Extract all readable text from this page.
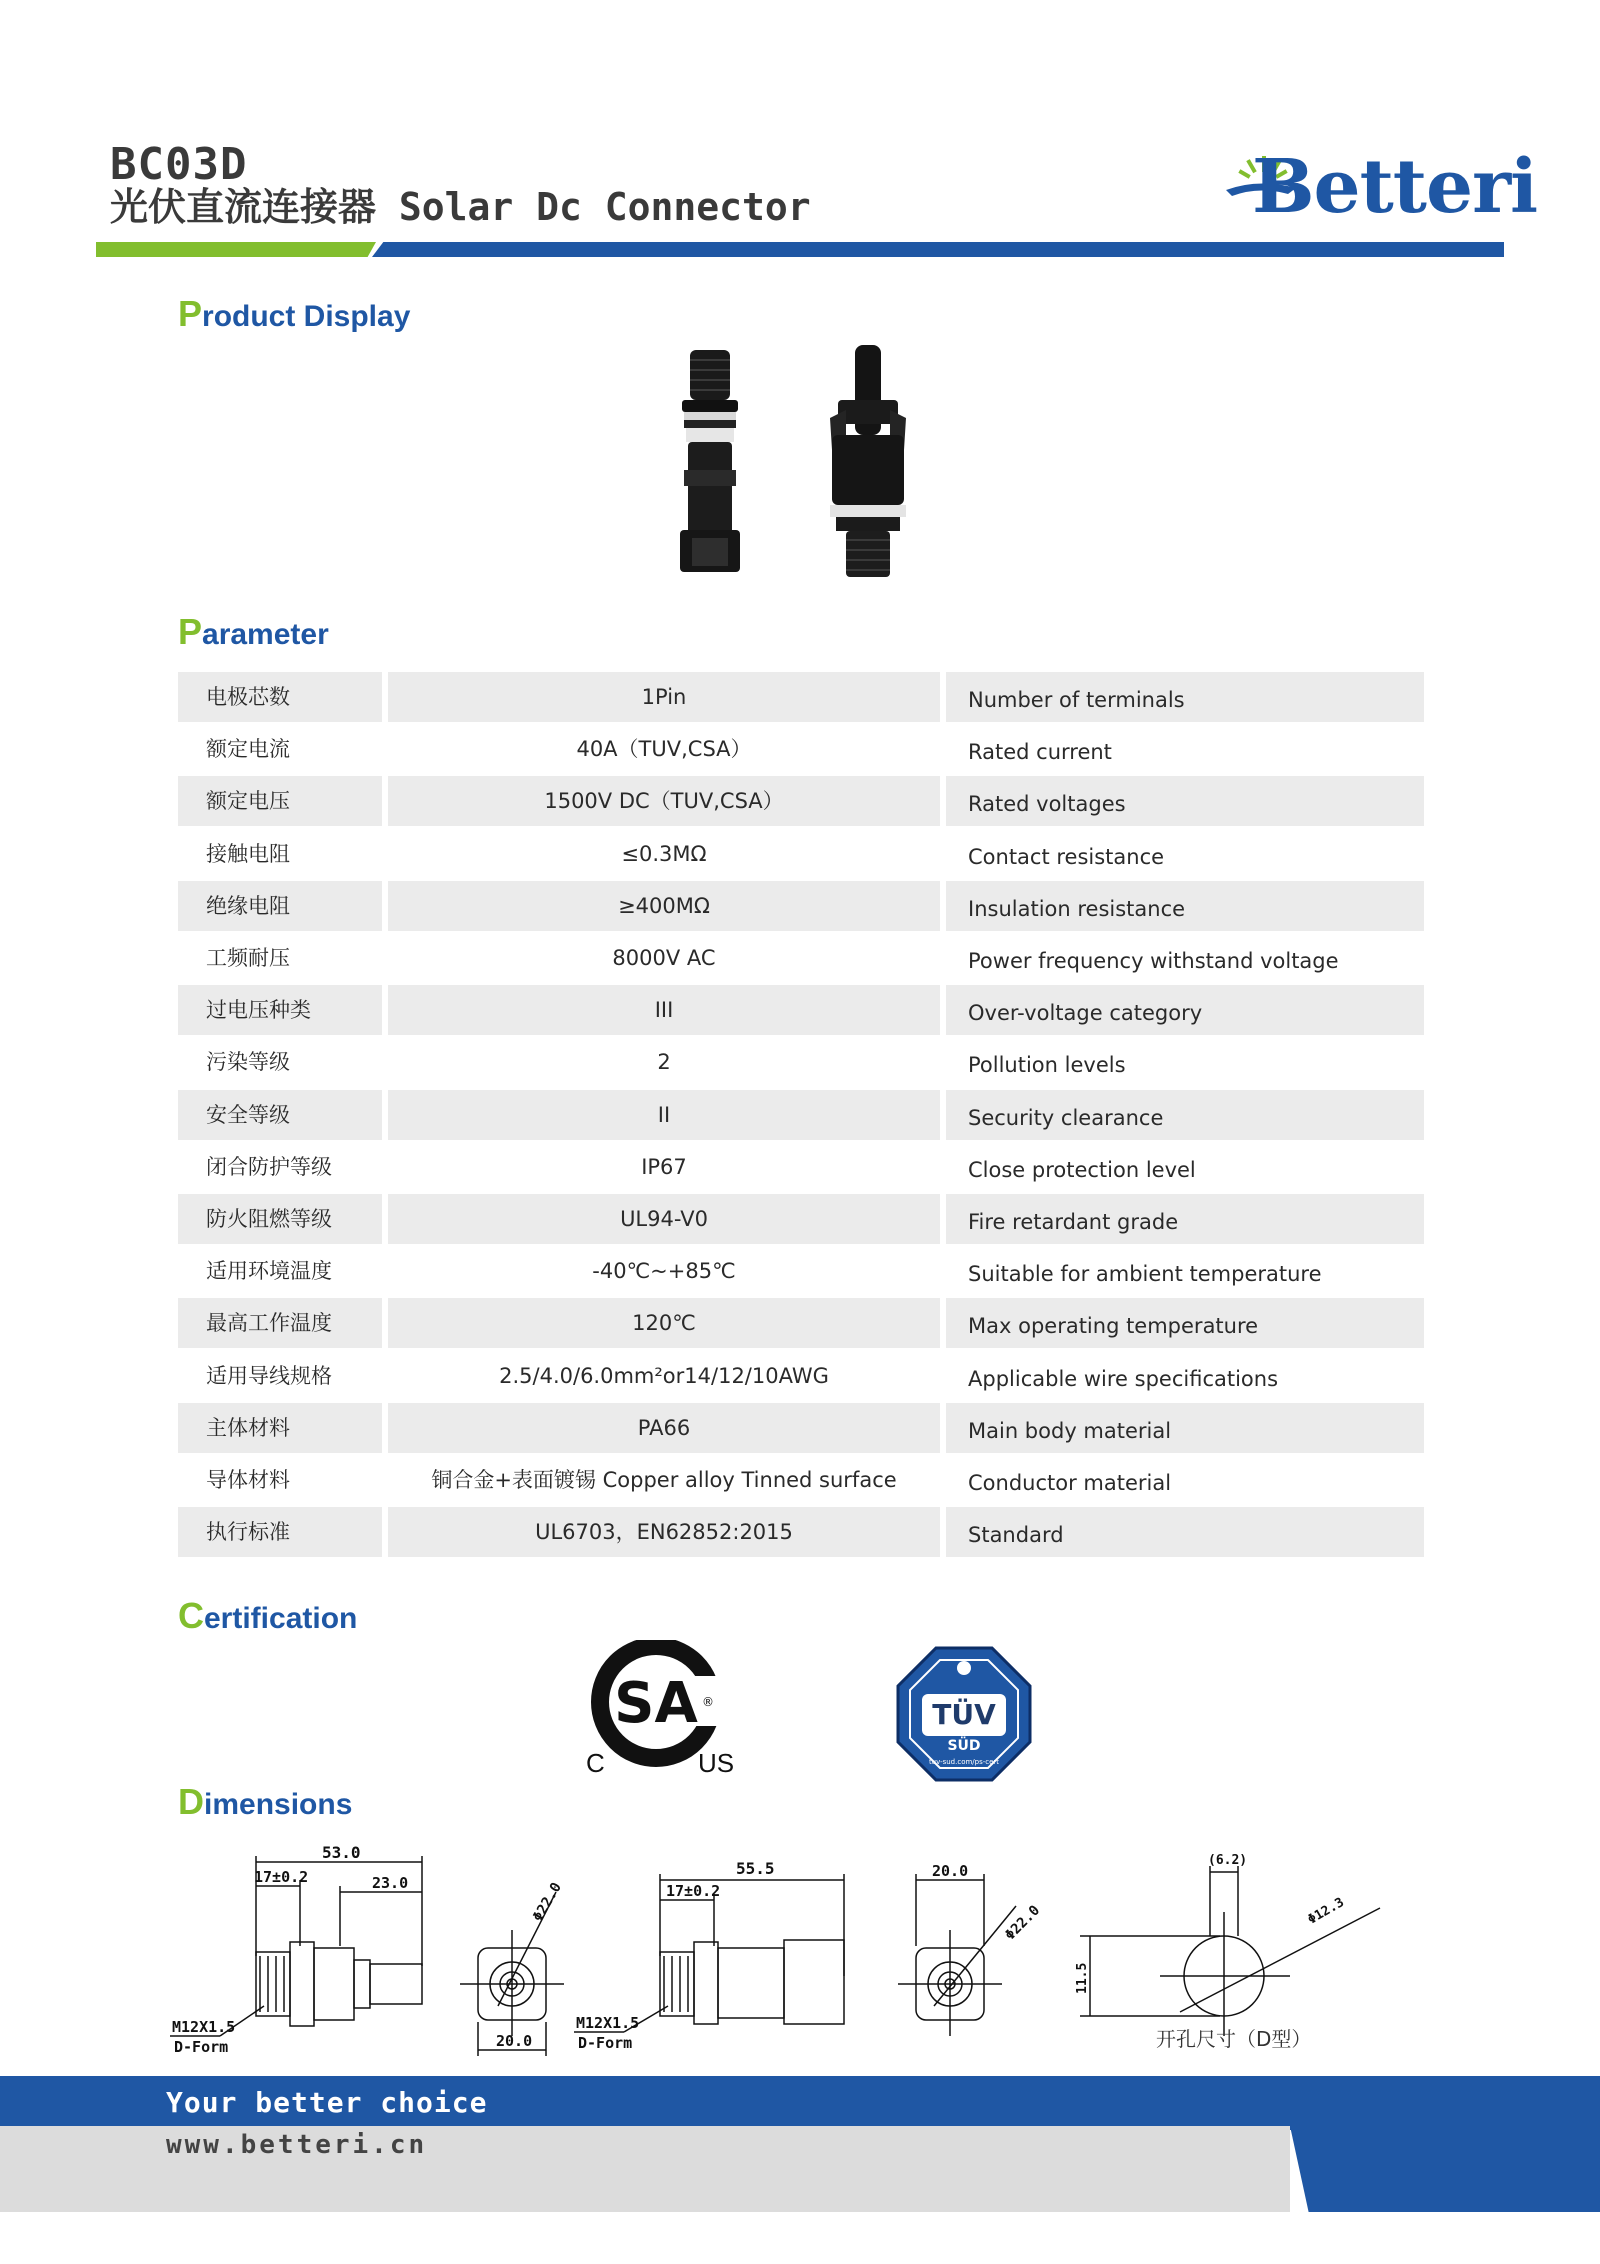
BC03D
光伏直流连接器 Solar Dc Connector	Betteri
Product Display
Parameter
电极芯数	1Pin	Number of terminals
额定电流	40A（TUV,CSA）	Rated current
额定电压	1500V DC（TUV,CSA）	Rated voltages
接触电阻	≤0.3MΩ	Contact resistance
绝缘电阻	≥400MΩ	Insulation resistance
工频耐压	8000V AC	Power frequency withstand voltage
过电压种类	III	Over-voltage category
污染等级	2	Pollution levels
安全等级	II	Security clearance
闭合防护等级	IP67	Close protection level
防火阻燃等级	UL94-V0	Fire retardant grade
适用环境温度	-40℃~+85℃	Suitable for ambient temperature
最高工作温度	120℃	Max operating temperature
适用导线规格	2.5/4.0/6.0mm²or14/12/10AWG	Applicable wire specifications
主体材料	PA66	Main body material
导体材料	铜合金+表面镀锡 Copper alloy Tinned surface	Conductor material
执行标准	UL6703，EN62852:2015	Standard
Certification
SA ®
C	US
TÜV
SÜD
tuv-sud.com/ps-cert
Dimensions
53.0
17±0.2	23.0
M12X1.5
D-Form
Φ22.0
20.0
55.5
17±0.2
M12X1.5
D-Form
20.0
Φ22.0
(6.2)
Φ12.3
11.5
开孔尺寸（D型）
Your better choice
www.betteri.cn
